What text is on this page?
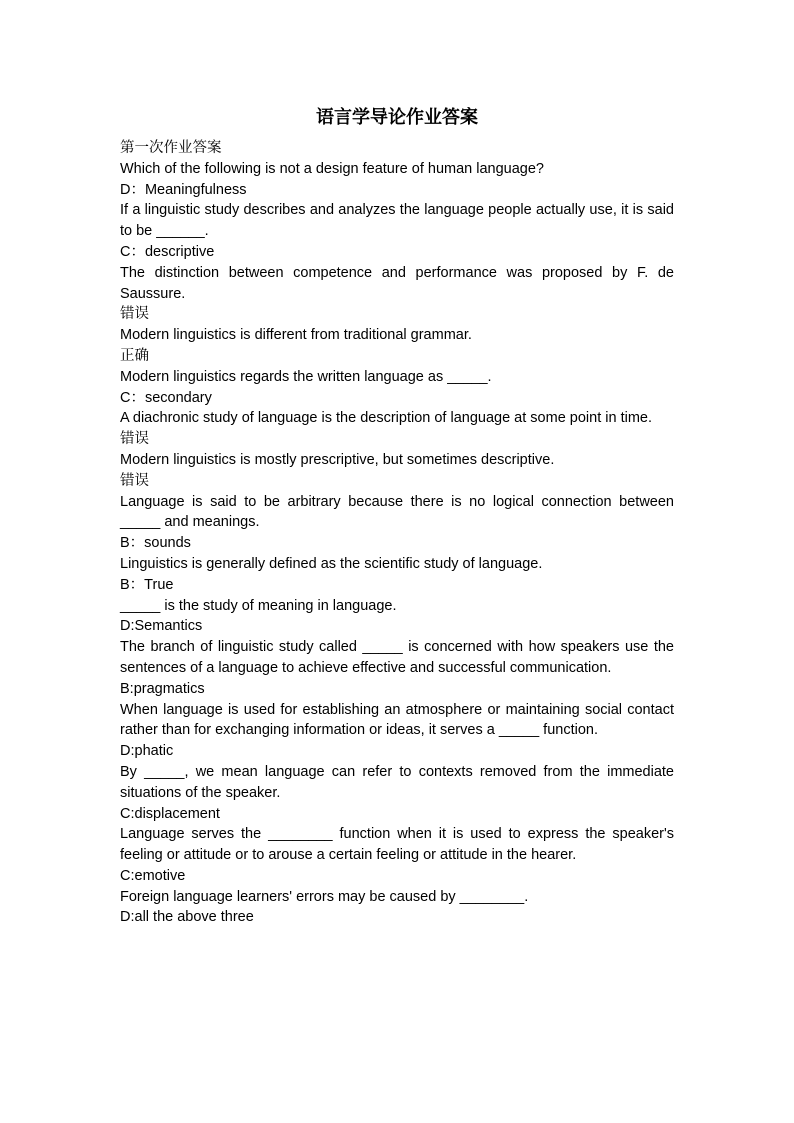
语言学导论作业答案

第一次作业答案

Which of the following is not a design feature of human language?

D：Meaningfulness

If a linguistic study describes and analyzes the language people actually use, it is said to be ______.

C：descriptive

The distinction between competence and performance was proposed by F. de Saussure.

错误

Modern linguistics is different from traditional grammar.

正确

Modern linguistics regards the written language as _____.

C：secondary

A diachronic study of language is the description of language at some point in time.

错误

Modern linguistics is mostly prescriptive, but sometimes descriptive.

错误

Language is said to be arbitrary because there is no logical connection between _____ and meanings.

B：sounds

Linguistics is generally defined as the scientific study of language.

B：True

_____ is the study of meaning in language.

D:Semantics

The branch of linguistic study called _____ is concerned with how speakers use the sentences of a language to achieve effective and successful communication.

B:pragmatics

When language is used for establishing an atmosphere or maintaining social contact rather than for exchanging information or ideas, it serves a _____ function.

D:phatic

By _____, we mean language can refer to contexts removed from the immediate situations of the speaker.

C:displacement

Language serves the ________ function when it is used to express the speaker's feeling or attitude or to arouse a certain feeling or attitude in the hearer.

C:emotive

Foreign language learners' errors may be caused by ________.

D:all the above three
